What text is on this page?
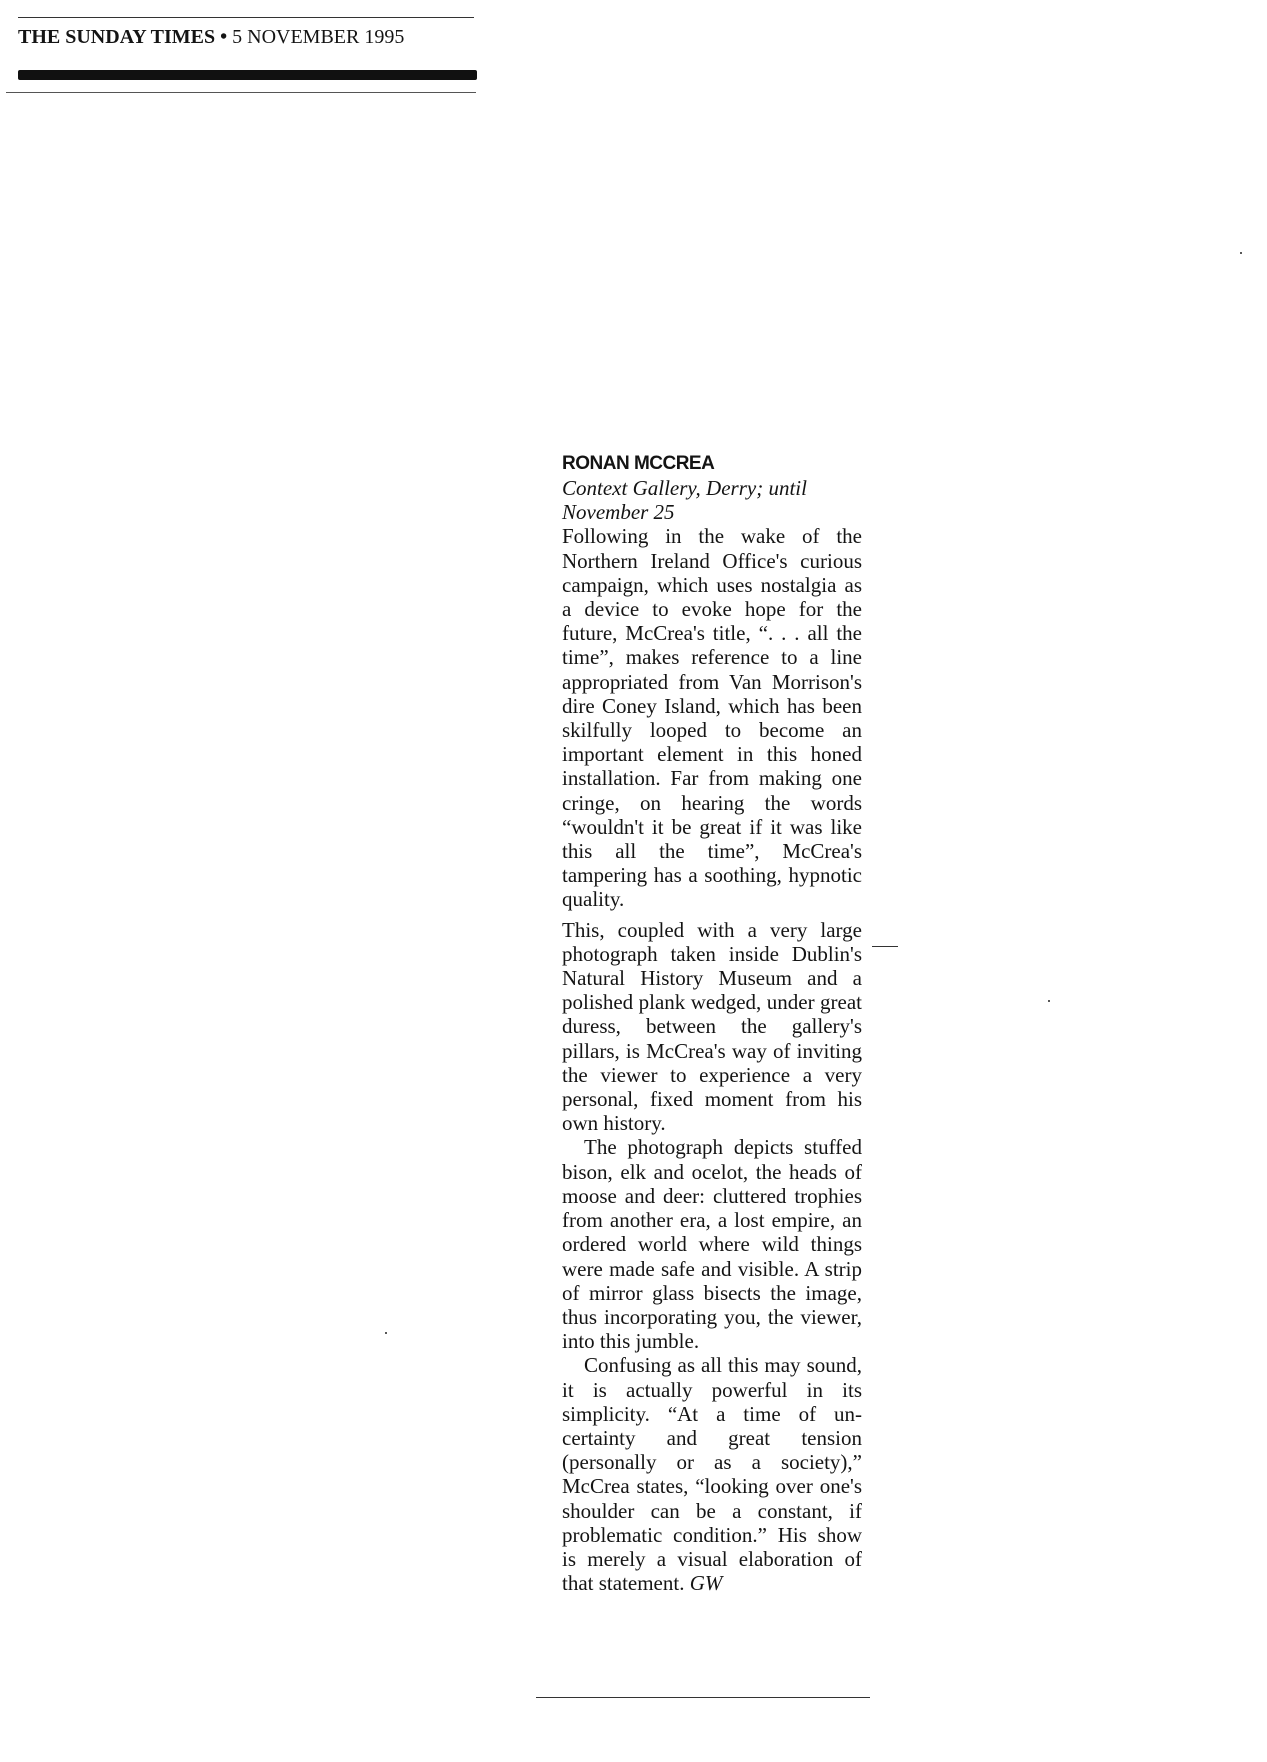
THE SUNDAY TIMES • 5 NOVEMBER 1995
RONAN MCCREA

Context Gallery, Derry; until November 25

Following in the wake of the Northern Ireland Office's curious campaign, which uses nostalgia as a device to evoke hope for the future, McCrea's title, “. . . all the time”, makes reference to a line appropriated from Van Morrison's dire Coney Island, which has been skilfully looped to become an important element in this honed installation. Far from making one cringe, on hearing the words “wouldn't it be great if it was like this all the time”, McCrea's tampering has a soothing, hypnotic quality.

This, coupled with a very large photograph taken inside Dublin's Natural History Museum and a polished plank wedged, under great duress, between the gallery's pillars, is McCrea's way of inviting the viewer to experience a very personal, fixed moment from his own history.

The photograph depicts stuffed bison, elk and ocelot, the heads of moose and deer: cluttered trophies from another era, a lost empire, an ordered world where wild things were made safe and visible. A strip of mirror glass bisects the image, thus incorporating you, the viewer, into this jumble.

Confusing as all this may sound, it is actually powerful in its simplicity. “At a time of uncertainty and great tension (personally or as a society),” McCrea states, “looking over one's shoulder can be a constant, if problematic condition.” His show is merely a visual elaboration of that statement. GW
